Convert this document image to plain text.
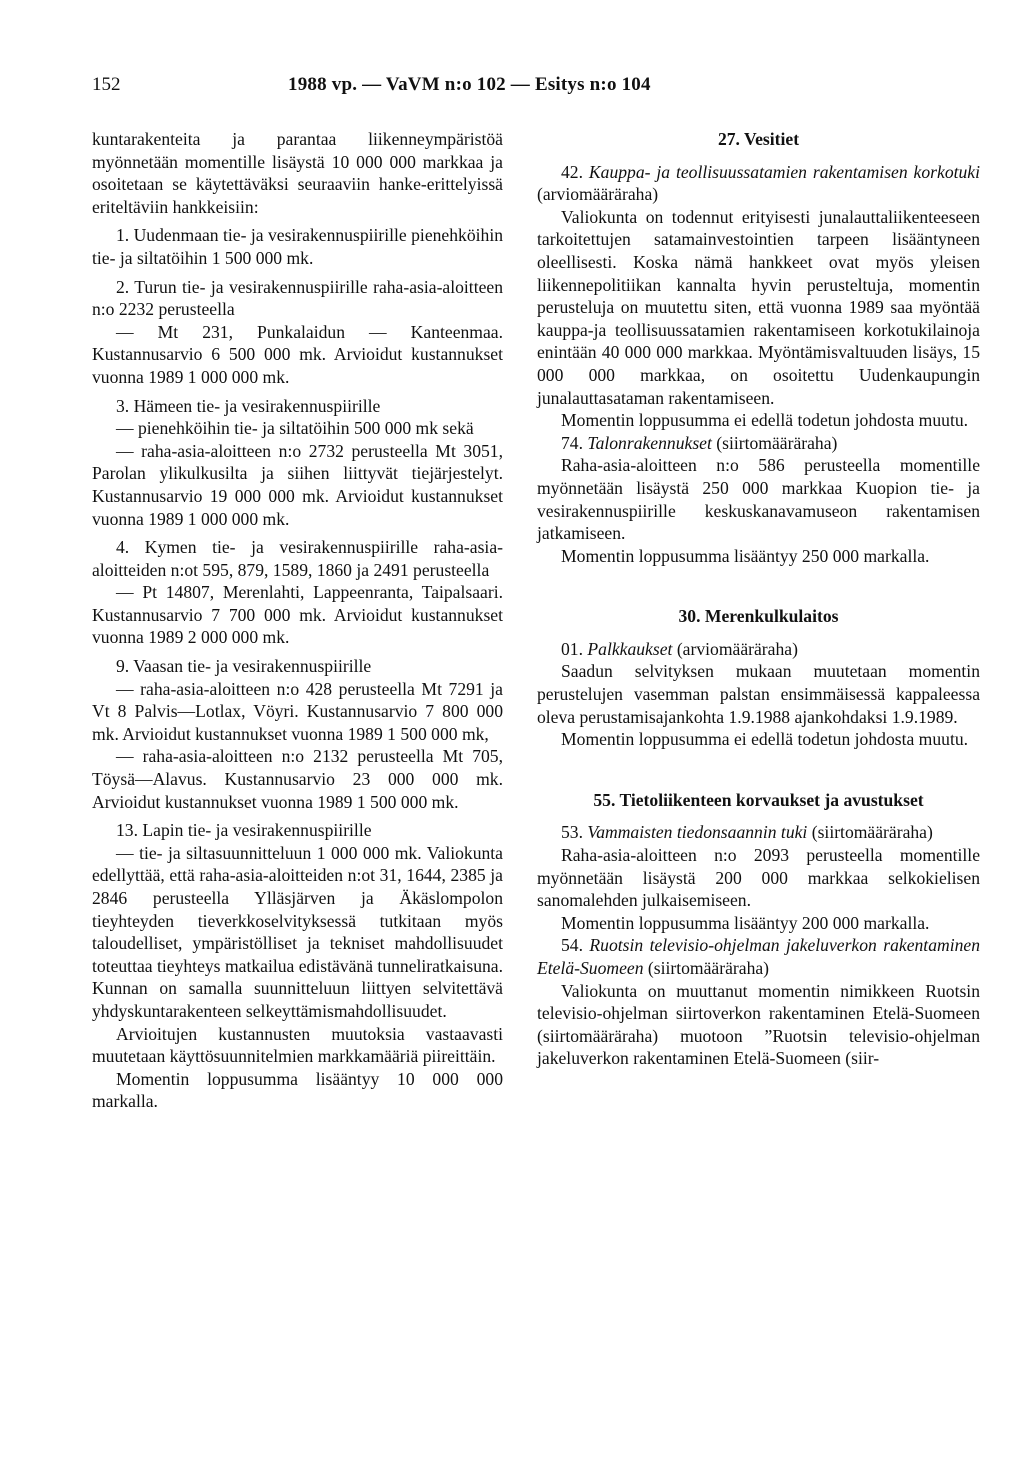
152	1988 vp. — VaVM n:o 102 — Esitys n:o 104

kuntarakenteita ja parantaa liikenneympäristöä myönnetään momentille lisäystä 10 000 000 markkaa ja osoitetaan se käytettäväksi seuraaviin hanke-erittelyissä eriteltäviin hankkeisiin:

1. Uudenmaan tie- ja vesirakennuspiirille pienehköihin tie- ja siltatöihin 1 500 000 mk.

2. Turun tie- ja vesirakennuspiirille raha-asia-aloitteen n:o 2232 perusteella

— Mt 231, Punkalaidun — Kanteenmaa. Kustannusarvio 6 500 000 mk. Arvioidut kustannukset vuonna 1989 1 000 000 mk.

3. Hämeen tie- ja vesirakennuspiirille

— pienehköihin tie- ja siltatöihin 500 000 mk sekä

— raha-asia-aloitteen n:o 2732 perusteella Mt 3051, Parolan ylikulkusilta ja siihen liittyvät tiejärjestelyt. Kustannusarvio 19 000 000 mk. Arvioidut kustannukset vuonna 1989 1 000 000 mk.

4. Kymen tie- ja vesirakennuspiirille raha-asia-aloitteiden n:ot 595, 879, 1589, 1860 ja 2491 perusteella

— Pt 14807, Merenlahti, Lappeenranta, Taipalsaari. Kustannusarvio 7 700 000 mk. Arvioidut kustannukset vuonna 1989 2 000 000 mk.

9. Vaasan tie- ja vesirakennuspiirille

— raha-asia-aloitteen n:o 428 perusteella Mt 7291 ja Vt 8 Palvis—Lotlax, Vöyri. Kustannusarvio 7 800 000 mk. Arvioidut kustannukset vuonna 1989 1 500 000 mk,

— raha-asia-aloitteen n:o 2132 perusteella Mt 705, Töysä—Alavus. Kustannusarvio 23 000 000 mk. Arvioidut kustannukset vuonna 1989 1 500 000 mk.

13. Lapin tie- ja vesirakennuspiirille

— tie- ja siltasuunnitteluun 1 000 000 mk. Valiokunta edellyttää, että raha-asia-aloitteiden n:ot 31, 1644, 2385 ja 2846 perusteella Ylläsjärven ja Äkäslompolon tieyhteyden tieverkkoselvityksessä tutkitaan myös taloudelliset, ympäristölliset ja tekniset mahdollisuudet toteuttaa tieyhteys matkailua edistävänä tunneliratkaisuna. Kunnan on samalla suunnitteluun liittyen selvitettävä yhdyskuntarakenteen selkeyttämismahdollisuudet.

Arvioitujen kustannusten muutoksia vastaavasti muutetaan käyttösuunnitelmien markkamääriä piireittäin.

Momentin loppusumma lisääntyy 10 000 000 markalla.

27. Vesitiet

42. Kauppa- ja teollisuussatamien rakentamisen korkotuki (arviomääräraha)

Valiokunta on todennut erityisesti junalauttaliikenteeseen tarkoitettujen satamainvestointien tarpeen lisääntyneen oleellisesti. Koska nämä hankkeet ovat myös yleisen liikennepolitiikan kannalta hyvin perusteltuja, momentin perusteluja on muutettu siten, että vuonna 1989 saa myöntää kauppa-ja teollisuussatamien rakentamiseen korkotukilainoja enintään 40 000 000 markkaa. Myöntämisvaltuuden lisäys, 15 000 000 markkaa, on osoitettu Uudenkaupungin junalauttasataman rakentamiseen.

Momentin loppusumma ei edellä todetun johdosta muutu.

74. Talonrakennukset (siirtomääräraha)

Raha-asia-aloitteen n:o 586 perusteella momentille myönnetään lisäystä 250 000 markkaa Kuopion tie- ja vesirakennuspiirille keskuskanavamuseon rakentamisen jatkamiseen.

Momentin loppusumma lisääntyy 250 000 markalla.

30. Merenkulkulaitos

01. Palkkaukset (arviomääräraha)

Saadun selvityksen mukaan muutetaan momentin perustelujen vasemman palstan ensimmäisessä kappaleessa oleva perustamisajankohta 1.9.1988 ajankohdaksi 1.9.1989.

Momentin loppusumma ei edellä todetun johdosta muutu.

55. Tietoliikenteen korvaukset ja avustukset

53. Vammaisten tiedonsaannin tuki (siirtomääräraha)

Raha-asia-aloitteen n:o 2093 perusteella momentille myönnetään lisäystä 200 000 markkaa selkokielisen sanomalehden julkaisemiseen.

Momentin loppusumma lisääntyy 200 000 markalla.

54. Ruotsin televisio-ohjelman jakeluverkon rakentaminen Etelä-Suomeen (siirtomääräraha)

Valiokunta on muuttanut momentin nimikkeen Ruotsin televisio-ohjelman siirtoverkon rakentaminen Etelä-Suomeen (siirtomääräraha) muotoon ”Ruotsin televisio-ohjelman jakeluverkon rakentaminen Etelä-Suomeen (siir-
